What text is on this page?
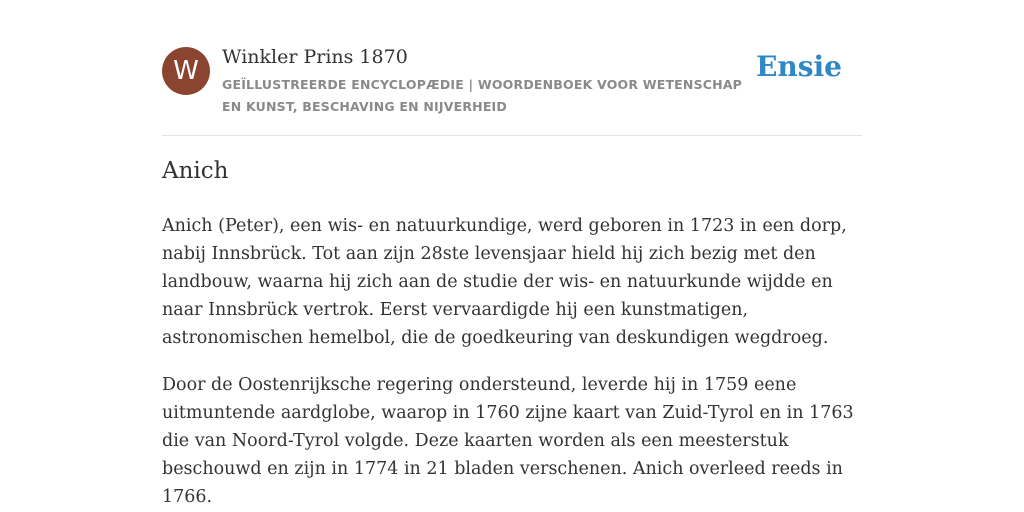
W	Winkler Prins 1870
GEÏLLUSTREERDE ENCYCLOPÆDIE | WOORDENBOEK VOOR WETENSCHAP EN KUNST, BESCHAVING EN NIJVERHEID
Ensie
Anich

Anich (Peter), een wis- en natuurkundige, werd geboren in 1723 in een dorp, nabij Innsbrück. Tot aan zijn 28ste levensjaar hield hij zich bezig met den landbouw, waarna hij zich aan de studie der wis- en natuurkunde wijdde en naar Innsbrück vertrok. Eerst vervaardigde hij een kunstmatigen, astronomischen hemelbol, die de goedkeuring van deskundigen wegdroeg.

Door de Oostenrijksche regering ondersteund, leverde hij in 1759 eene uitmuntende aardglobe, waarop in 1760 zijne kaart van Zuid-Tyrol en in 1763 die van Noord-Tyrol volgde. Deze kaarten worden als een meesterstuk beschouwd en zijn in 1774 in 21 bladen verschenen. Anich overleed reeds in 1766.
